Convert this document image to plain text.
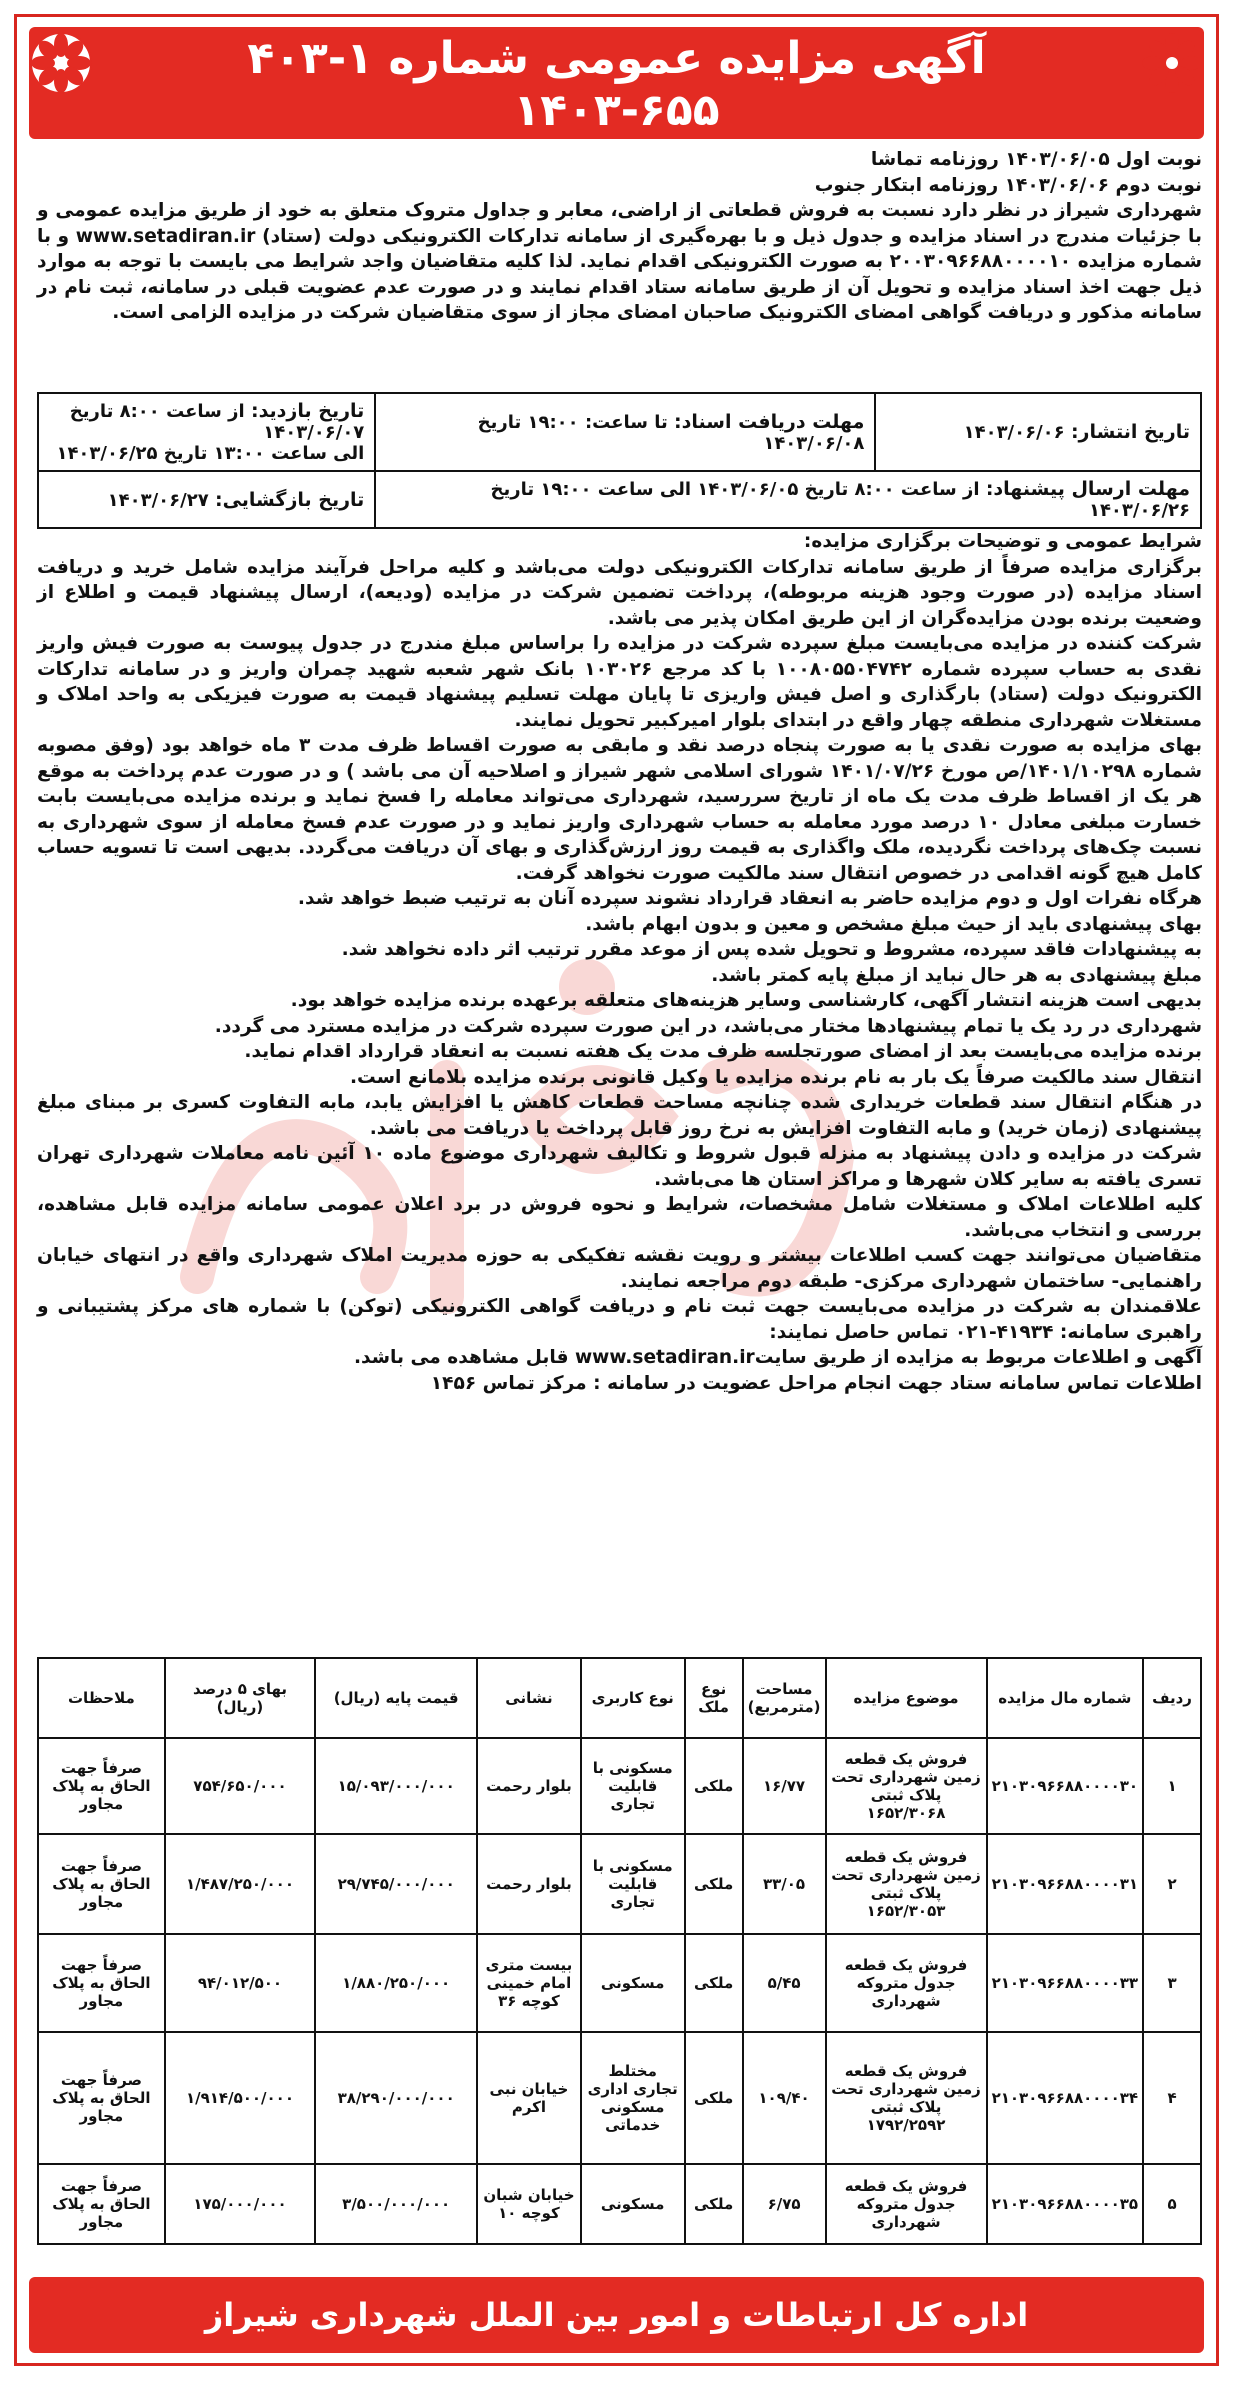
آگهی مزایده عمومی شماره ۱-۴۰۳
۱۴۰۳-۶۵۵

نوبت اول ۱۴۰۳/۰۶/۰۵ روزنامه تماشا

نوبت دوم ۱۴۰۳/۰۶/۰۶ روزنامه ابتکار جنوب

شهرداری شیراز در نظر دارد نسبت به فروش قطعاتی از اراضی، معابر و جداول متروک متعلق به خود از طریق مزایده عمومی و با جزئیات مندرج در اسناد مزایده و جدول ذیل و با بهره‌گیری از سامانه تدارکات الکترونیکی دولت (ستاد) www.setadiran.ir و با شماره مزایده ۲۰۰۳۰۹۶۶۸۸۰۰۰۰۱۰ به صورت الکترونیکی اقدام نماید. لذا کلیه متقاضیان واجد شرایط می بایست با توجه به موارد ذیل جهت اخذ اسناد مزایده و تحویل آن از طریق سامانه ستاد اقدام نمایند و در صورت عدم عضویت قبلی در سامانه، ثبت نام در سامانه مذکور و دریافت گواهی امضای الکترونیک صاحبان امضای مجاز از سوی متقاضیان شرکت در مزایده الزامی است.

تاریخ انتشار: ۱۴۰۳/۰۶/۰۶	مهلت دریافت اسناد: تا ساعت: ۱۹:۰۰ تاریخ ۱۴۰۳/۰۶/۰۸	تاریخ بازدید: از ساعت ۸:۰۰ تاریخ ۱۴۰۳/۰۶/۰۷
الی ساعت ۱۳:۰۰ تاریخ ۱۴۰۳/۰۶/۲۵
مهلت ارسال پیشنهاد: از ساعت ۸:۰۰ تاریخ ۱۴۰۳/۰۶/۰۵ الی ساعت ۱۹:۰۰ تاریخ ۱۴۰۳/۰۶/۲۶		تاریخ بازگشایی: ۱۴۰۳/۰۶/۲۷

شرایط عمومی و توضیحات برگزاری مزایده:

برگزاری مزایده صرفاً از طریق سامانه تدارکات الکترونیکی دولت می‌باشد و کلیه مراحل فرآیند مزایده شامل خرید و دریافت اسناد مزایده (در صورت وجود هزینه مربوطه)، پرداخت تضمین شرکت در مزایده (ودیعه)، ارسال پیشنهاد قیمت و اطلاع از وضعیت برنده بودن مزایده‌گران از این طریق امکان پذیر می باشد.

شرکت کننده در مزایده می‌بایست مبلغ سپرده شرکت در مزایده را براساس مبلغ مندرج در جدول پیوست به صورت فیش واریز نقدی به حساب سپرده شماره ۱۰۰۸۰۵۵۰۴۷۴۲ با کد مرجع ۱۰۳۰۲۶ بانک شهر شعبه شهید چمران واریز و در سامانه تدارکات الکترونیک دولت (ستاد) بارگذاری و اصل فیش واریزی تا پایان مهلت تسلیم پیشنهاد قیمت به صورت فیزیکی به واحد املاک و مستغلات شهرداری منطقه چهار واقع در ابتدای بلوار امیرکبیر تحویل نمایند.

بهای مزایده به صورت نقدی یا به صورت پنجاه درصد نقد و مابقی به صورت اقساط ظرف مدت ۳ ماه خواهد بود (وفق مصوبه شماره ۱۴۰۱/۱۰۲۹۸/ص مورخ ۱۴۰۱/۰۷/۲۶ شورای اسلامی شهر شیراز و اصلاحیه آن می باشد ) و در صورت عدم پرداخت به موقع هر یک از اقساط ظرف مدت یک ماه از تاریخ سررسید، شهرداری می‌تواند معامله را فسخ نماید و برنده مزایده می‌بایست بابت خسارت مبلغی معادل ۱۰ درصد مورد معامله به حساب شهرداری واریز نماید و در صورت عدم فسخ معامله از سوی شهرداری به نسبت چک‌های پرداخت نگردیده، ملک واگذاری به قیمت روز ارزش‌گذاری و بهای آن دریافت می‌گردد. بدیهی است تا تسویه حساب کامل هیچ گونه اقدامی در خصوص انتقال سند مالکیت صورت نخواهد گرفت.

هرگاه نفرات اول و دوم مزایده حاضر به انعقاد قرارداد نشوند سپرده آنان به ترتیب ضبط خواهد شد.

بهای پیشنهادی باید از حیث مبلغ مشخص و معین و بدون ابهام باشد.

به پیشنهادات فاقد سپرده، مشروط و تحویل شده پس از موعد مقرر ترتیب اثر داده نخواهد شد.

مبلغ پیشنهادی به هر حال نباید از مبلغ پایه کمتر باشد.

بدیهی است هزینه انتشار آگهی، کارشناسی وسایر هزینه‌های متعلقه برعهده برنده مزایده خواهد بود.

شهرداری در رد یک یا تمام پیشنهادها مختار می‌باشد، در این صورت سپرده شرکت در مزایده مسترد می گردد.

برنده مزایده می‌بایست بعد از امضای صورتجلسه ظرف مدت یک هفته نسبت به انعقاد قرارداد اقدام نماید.

انتقال سند مالکیت صرفاً یک بار به نام برنده مزایده یا وکیل قانونی برنده مزایده بلامانع است.

در هنگام انتقال سند قطعات خریداری شده چنانچه مساحت قطعات کاهش یا افزایش یابد، مابه التفاوت کسری بر مبنای مبلغ پیشنهادی (زمان خرید) و مابه التفاوت افزایش به نرخ روز قابل پرداخت یا دریافت می باشد.

شرکت در مزایده و دادن پیشنهاد به منزله قبول شروط و تکالیف شهرداری موضوع ماده ۱۰ آئین نامه معاملات شهرداری تهران تسری یافته به سایر کلان شهرها و مراکز استان ها می‌باشد.

کلیه اطلاعات املاک و مستغلات شامل مشخصات، شرایط و نحوه فروش در برد اعلان عمومی سامانه مزایده قابل مشاهده، بررسی و انتخاب می‌باشد.

متقاضیان می‌توانند جهت کسب اطلاعات بیشتر و رویت نقشه تفکیکی به حوزه مدیریت املاک شهرداری واقع در انتهای خیابان راهنمایی- ساختمان شهرداری مرکزی- طبقه دوم مراجعه نمایند.

علاقمندان به شرکت در مزایده می‌بایست جهت ثبت نام و دریافت گواهی الکترونیکی (توکن) با شماره های مرکز پشتیبانی و راهبری سامانه: ۴۱۹۳۴-۰۲۱ تماس حاصل نمایند:

آگهی و اطلاعات مربوط به مزایده از طریق سایتwww.setadiran.ir قابل مشاهده می باشد.

اطلاعات تماس سامانه ستاد جهت انجام مراحل عضویت در سامانه : مرکز تماس ۱۴۵۶

ردیف	شماره مال مزایده	موضوع مزایده	مساحت (مترمربع)	نوع ملک	نوع کاربری	نشانی	قیمت پایه (ریال)	بهای ۵ درصد (ریال)	ملاحظات
۱	۲۱۰۳۰۹۶۶۸۸۰۰۰۰۳۰	فروش یک قطعه زمین شهرداری تحت پلاک ثبتی ۱۶۵۲/۳۰۶۸	۱۶/۷۷	ملکی	مسکونی با قابلیت تجاری	بلوار رحمت	۱۵/۰۹۳/۰۰۰/۰۰۰	۷۵۴/۶۵۰/۰۰۰	صرفاً جهت الحاق به پلاک مجاور
۲	۲۱۰۳۰۹۶۶۸۸۰۰۰۰۳۱	فروش یک قطعه زمین شهرداری تحت پلاک ثبتی ۱۶۵۲/۳۰۵۳	۳۳/۰۵	ملکی	مسکونی با قابلیت تجاری	بلوار رحمت	۲۹/۷۴۵/۰۰۰/۰۰۰	۱/۴۸۷/۲۵۰/۰۰۰	صرفاً جهت الحاق به پلاک مجاور
۳	۲۱۰۳۰۹۶۶۸۸۰۰۰۰۳۳	فروش یک قطعه جدول متروکه شهرداری	۵/۴۵	ملکی	مسکونی	بیست متری امام خمینی کوچه ۳۶	۱/۸۸۰/۲۵۰/۰۰۰	۹۴/۰۱۲/۵۰۰	صرفاً جهت الحاق به پلاک مجاور
۴	۲۱۰۳۰۹۶۶۸۸۰۰۰۰۳۴	فروش یک قطعه زمین شهرداری تحت پلاک ثبتی ۱۷۹۲/۲۵۹۲	۱۰۹/۴۰	ملکی	مختلط تجاری اداری مسکونی خدماتی	خیابان نبی اکرم	۳۸/۲۹۰/۰۰۰/۰۰۰	۱/۹۱۴/۵۰۰/۰۰۰	صرفاً جهت الحاق به پلاک مجاور
۵	۲۱۰۳۰۹۶۶۸۸۰۰۰۰۳۵	فروش یک قطعه جدول متروکه شهرداری	۶/۷۵	ملکی	مسکونی	خیابان شبان کوچه ۱۰	۳/۵۰۰/۰۰۰/۰۰۰	۱۷۵/۰۰۰/۰۰۰	صرفاً جهت الحاق به پلاک مجاور
اداره کل ارتباطات و امور بین الملل شهرداری شیراز
